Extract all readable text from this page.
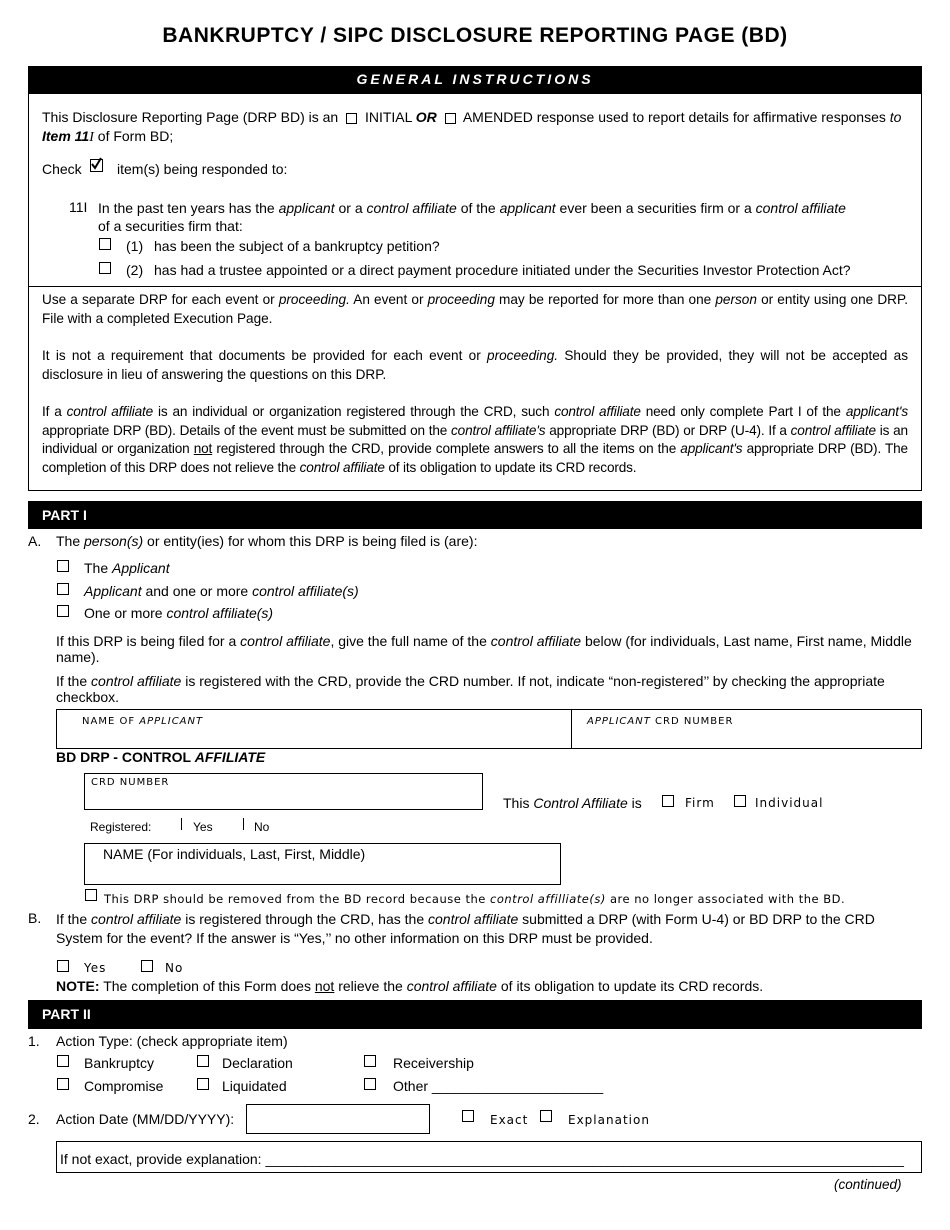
BANKRUPTCY / SIPC DISCLOSURE REPORTING PAGE (BD)
GENERAL INSTRUCTIONS
This Disclosure Reporting Page (DRP BD) is an INITIAL OR AMENDED response used to report details for affirmative responses to
Item 11I of Form BD;
Check	item(s) being responded to:
11I In the past ten years has the applicant or a control affiliate of the applicant ever been a securities firm or a control affiliate
of a securities firm that:
(1) has been the subject of a bankruptcy petition?
(2) has had a trustee appointed or a direct payment procedure initiated under the Securities Investor Protection Act?
Use a separate DRP for each event or proceeding. An event or proceeding may be reported for more than one person or entity using one DRP. File with a completed Execution Page.
It is not a requirement that documents be provided for each event or proceeding. Should they be provided, they will not be accepted as disclosure in lieu of answering the questions on this DRP.
If a control affiliate is an individual or organization registered through the CRD, such control affiliate need only complete Part I of the applicant's appropriate DRP (BD). Details of the event must be submitted on the control affiliate's appropriate DRP (BD) or DRP (U-4). If a control affiliate is an individual or organization not registered through the CRD, provide complete answers to all the items on the applicant's appropriate DRP (BD). The completion of this DRP does not relieve the control affiliate of its obligation to update its CRD records.
PART I
A. The person(s) or entity(ies) for whom this DRP is being filed is (are):
The Applicant
Applicant and one or more control affiliate(s)
One or more control affiliate(s)
If this DRP is being filed for a control affiliate, give the full name of the control affiliate below (for individuals, Last name, First name, Middle name).
If the control affiliate is registered with the CRD, provide the CRD number. If not, indicate “non-registered’’ by checking the appropriate checkbox.
NAME OF APPLICANT	APPLICANT CRD NUMBER
BD DRP - CONTROL AFFILIATE
CRD NUMBER
This Control Affiliate is	Firm	Individual
Registered:	Yes	No
NAME (For individuals, Last, First, Middle)
This DRP should be removed from the BD record because the control affilliate(s) are no longer associated with the BD.
B. If the control affiliate is registered through the CRD, has the control affiliate submitted a DRP (with Form U-4) or BD DRP to the CRD System for the event? If the answer is “Yes,’’ no other information on this DRP must be provided.
Yes	No
NOTE: The completion of this Form does not relieve the control affiliate of its obligation to update its CRD records.
PART II
1. Action Type: (check appropriate item)
Bankruptcy	Declaration	Receivership
Compromise	Liquidated	Other ______________________
2. Action Date (MM/DD/YYYY):	Exact	Explanation
If not exact, provide explanation: __________________________________________________________________________________
(continued)
